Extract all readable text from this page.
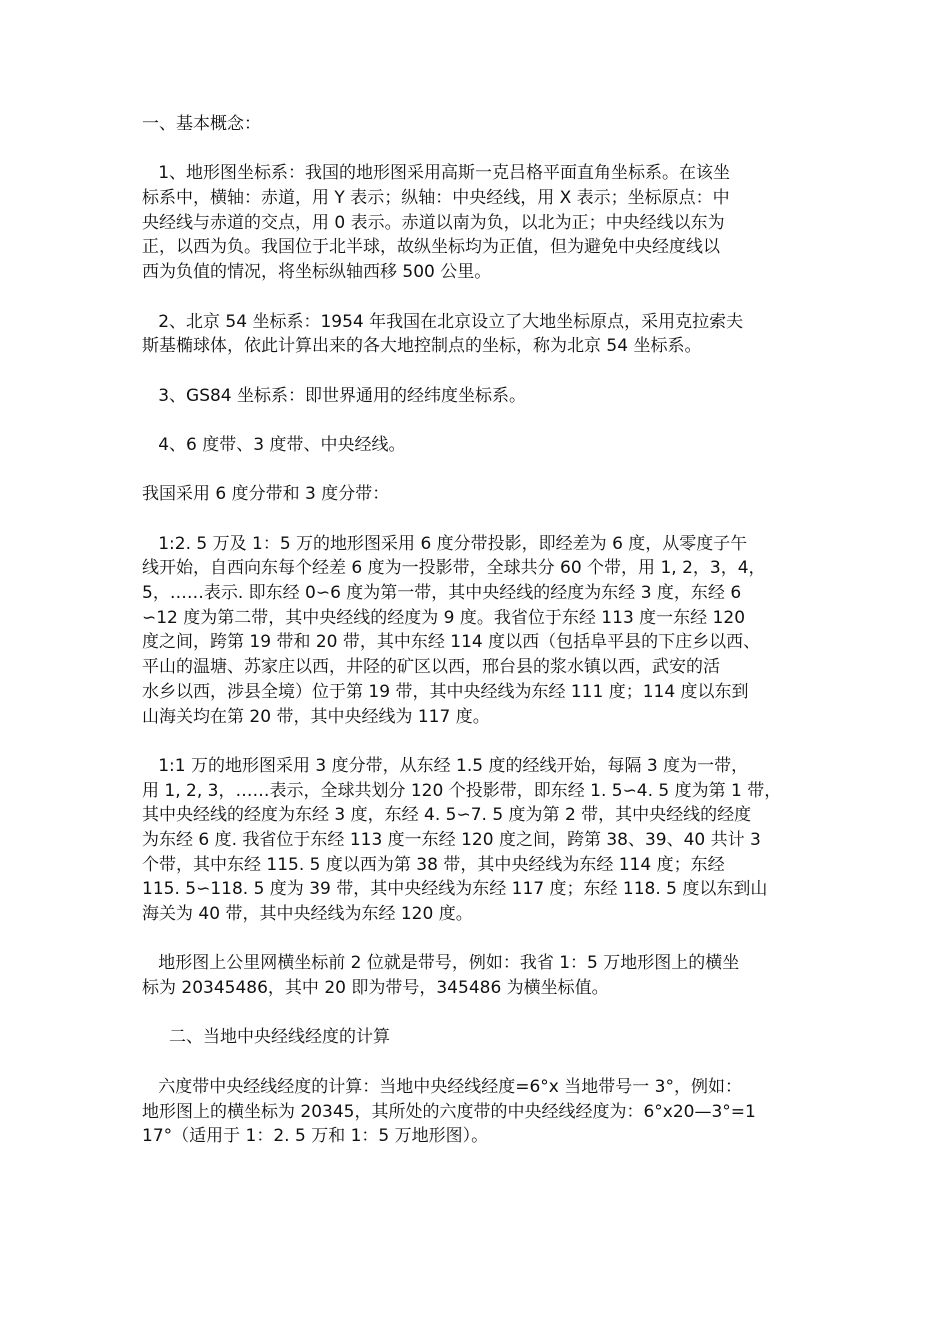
一、基本概念：
1、地形图坐标系：我国的地形图采用高斯一克吕格平面直角坐标系。在该坐
标系中，横轴：赤道，用 Y 表示；纵轴：中央经线，用 X 表示；坐标原点：中
央经线与赤道的交点，用 0 表示。赤道以南为负，以北为正；中央经线以东为
正，以西为负。我国位于北半球，故纵坐标均为正值，但为避免中央经度线以
西为负值的情况，将坐标纵轴西移 500 公里。
2、北京 54 坐标系：1954 年我国在北京设立了大地坐标原点，采用克拉索夫
斯基椭球体，依此计算出来的各大地控制点的坐标，称为北京 54 坐标系。
3、GS84 坐标系：即世界通用的经纬度坐标系。
4、6 度带、3 度带、中央经线。
我国采用 6 度分带和 3 度分带：
1:2. 5 万及 1：5 万的地形图采用 6 度分带投影，即经差为 6 度，从零度子午
线开始，自西向东每个经差 6 度为一投影带，全球共分 60 个带，用 1, 2，3，4，
5，……表示. 即东经 0∽6 度为第一带，其中央经线的经度为东经 3 度，东经 6
∽12 度为第二带，其中央经线的经度为 9 度。我省位于东经 113 度一东经 120
度之间，跨第 19 带和 20 带，其中东经 114 度以西（包括阜平县的下庄乡以西、
平山的温塘、苏家庄以西，井陉的矿区以西，邢台县的浆水镇以西，武安的活
水乡以西，涉县全境）位于第 19 带，其中央经线为东经 111 度；114 度以东到
山海关均在第 20 带，其中央经线为 117 度。
1:1 万的地形图采用 3 度分带，从东经 1.5 度的经线开始，每隔 3 度为一带，
用 1, 2, 3，……表示，全球共划分 120 个投影带，即东经 1. 5∽4. 5 度为第 1 带，
其中央经线的经度为东经 3 度，东经 4. 5∽7. 5 度为第 2 带，其中央经线的经度
为东经 6 度. 我省位于东经 113 度一东经 120 度之间，跨第 38、39、40 共计 3
个带，其中东经 115. 5 度以西为第 38 带，其中央经线为东经 114 度；东经
115. 5∽118. 5 度为 39 带，其中央经线为东经 117 度；东经 118. 5 度以东到山
海关为 40 带，其中央经线为东经 120 度。
地形图上公里网横坐标前 2 位就是带号，例如：我省 1：5 万地形图上的横坐
标为 20345486，其中 20 即为带号，345486 为横坐标值。
二、当地中央经线经度的计算
六度带中央经线经度的计算：当地中央经线经度=6°x 当地带号一 3°，例如：
地形图上的横坐标为 20345，其所处的六度带的中央经线经度为：6°x20—3°=1
17°（适用于 1：2. 5 万和 1：5 万地形图）。
